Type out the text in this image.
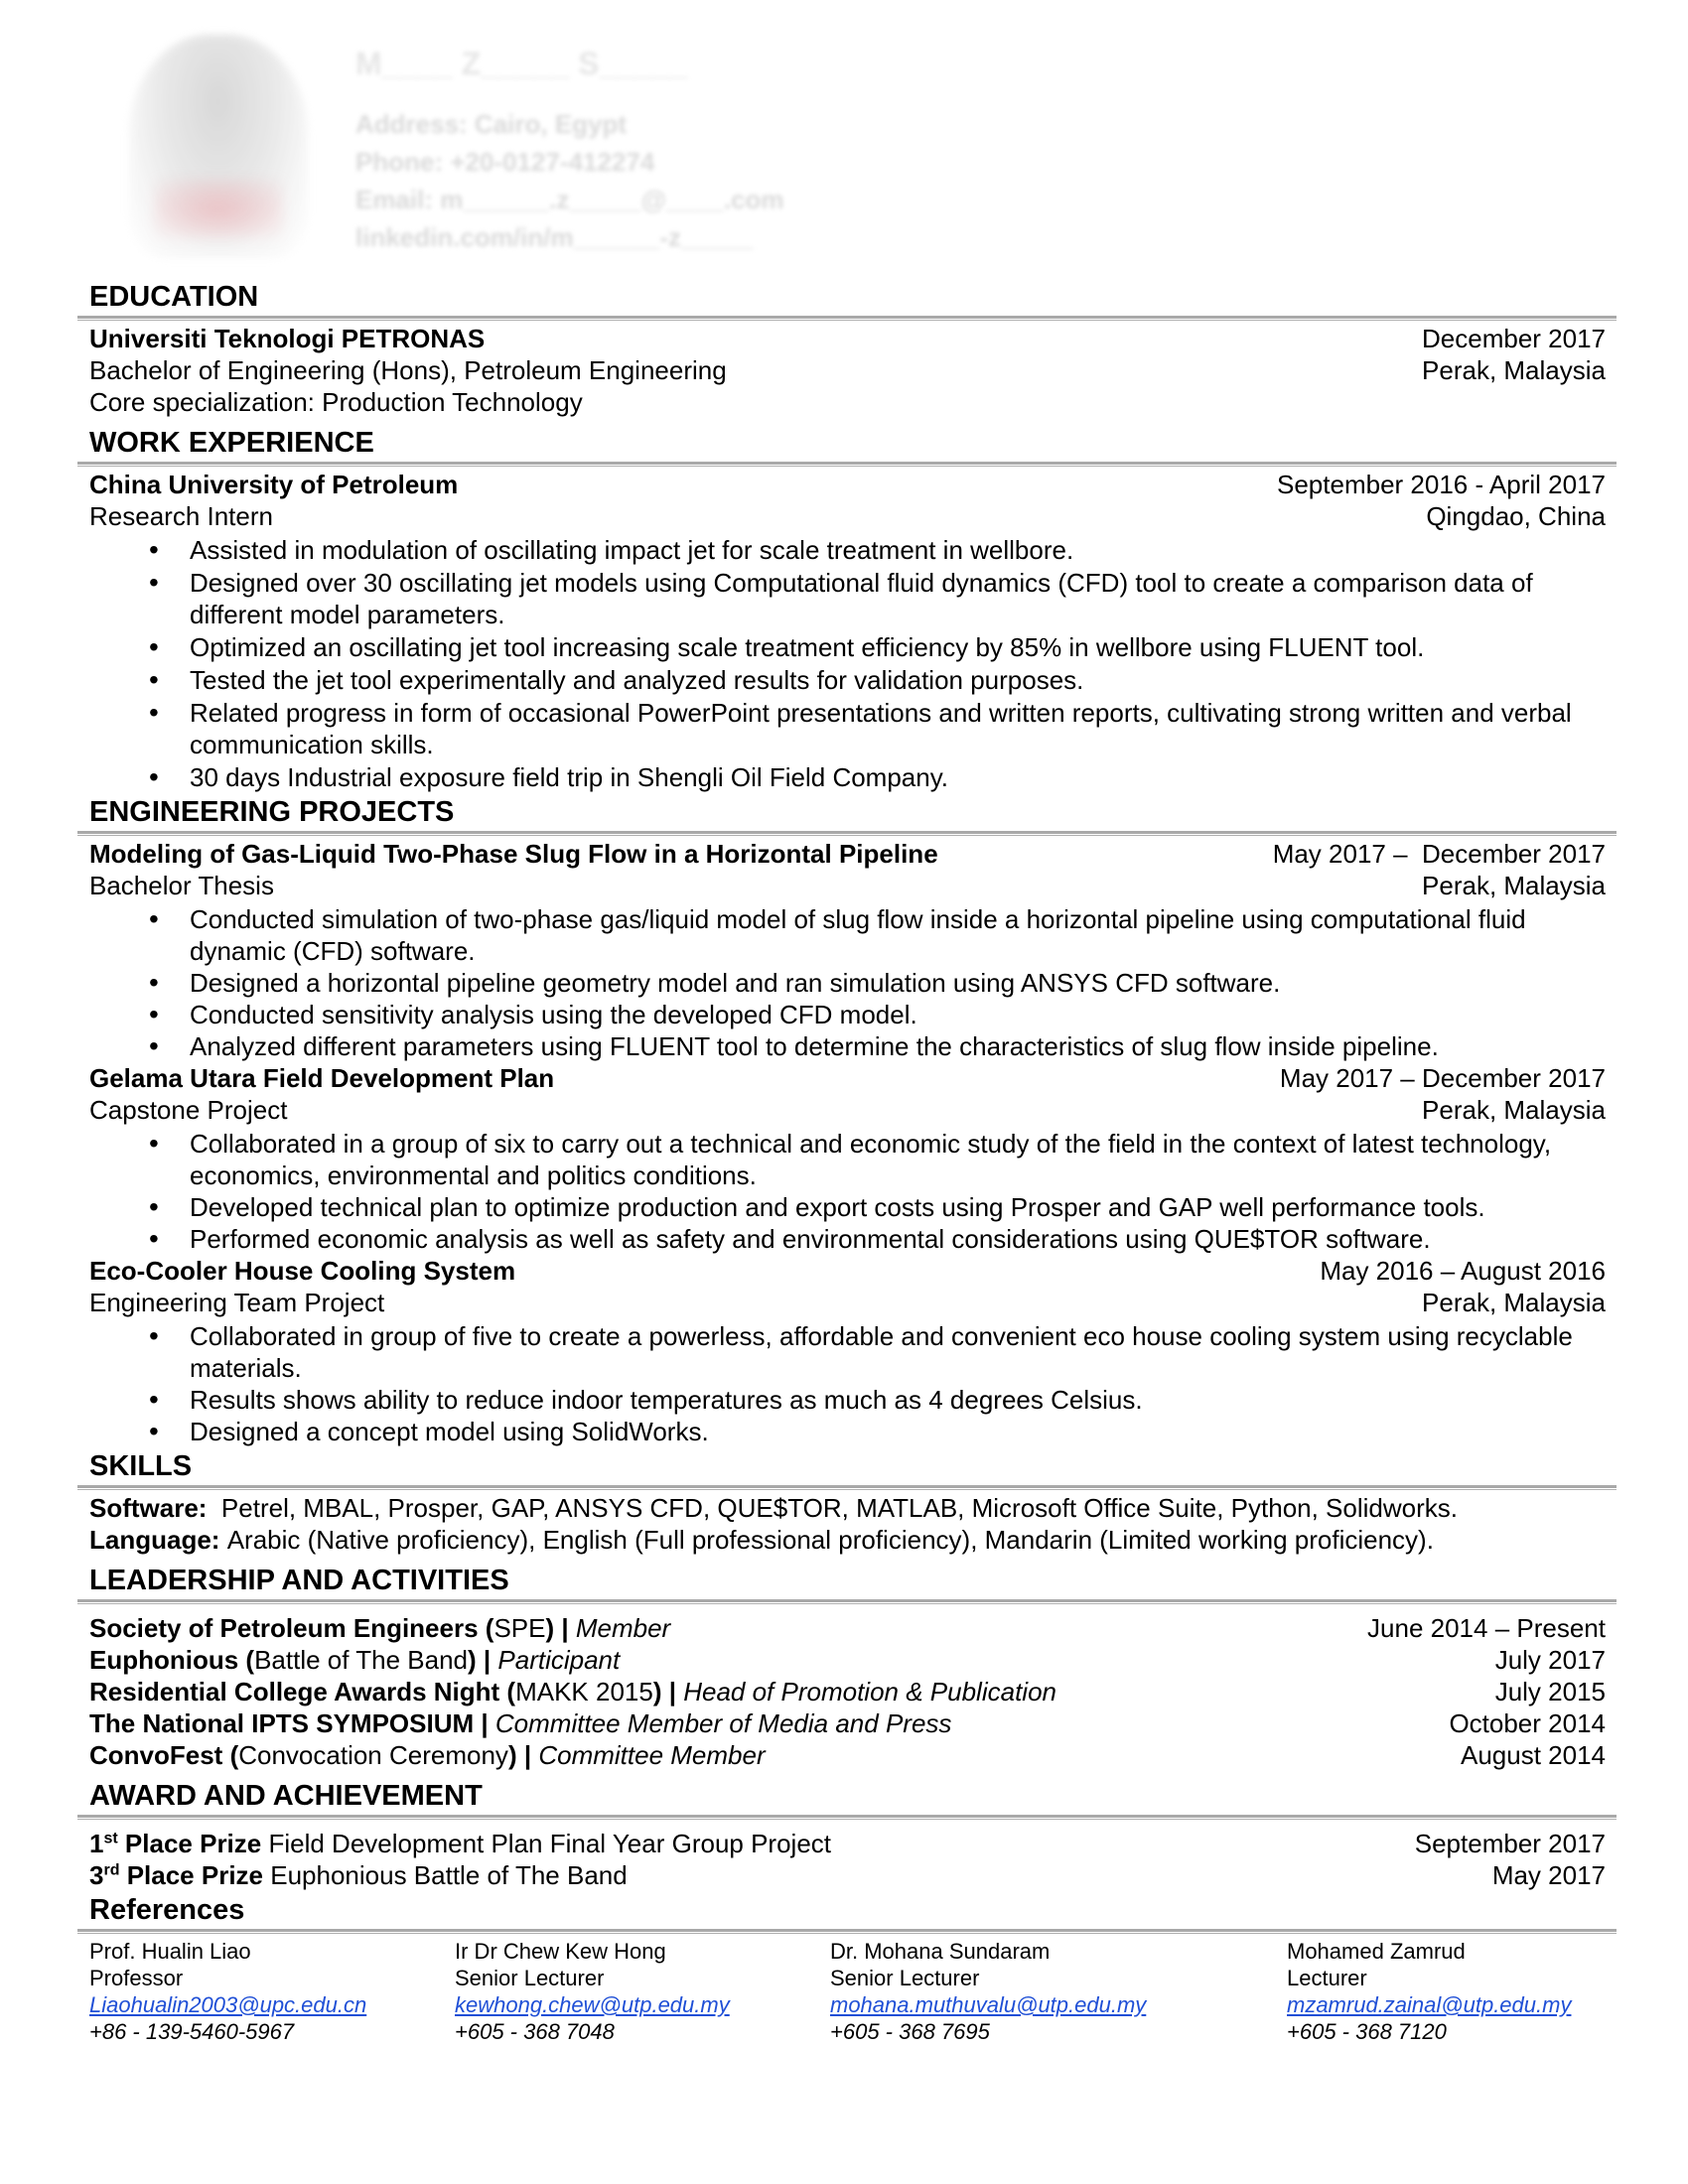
M____ Z_____ S_____
Address: Cairo, Egypt
Phone: +20-0127-412274
Email: m______.z_____@____.com
linkedin.com/in/m______-z_____
EDUCATION
Universiti Teknologi PETRONAS	December 2017
Bachelor of Engineering (Hons), Petroleum Engineering	Perak, Malaysia
Core specialization: Production Technology
WORK EXPERIENCE
China University of Petroleum	September 2016 - April 2017
Research Intern	Qingdao, China
• Assisted in modulation of oscillating impact jet for scale treatment in wellbore.
• Designed over 30 oscillating jet models using Computational fluid dynamics (CFD) tool to create a comparison data of different model parameters.
• Optimized an oscillating jet tool increasing scale treatment efficiency by 85% in wellbore using FLUENT tool.
• Tested the jet tool experimentally and analyzed results for validation purposes.
• Related progress in form of occasional PowerPoint presentations and written reports, cultivating strong written and verbal communication skills.
• 30 days Industrial exposure field trip in Shengli Oil Field Company.
ENGINEERING PROJECTS
Modeling of Gas-Liquid Two-Phase Slug Flow in a Horizontal Pipeline	May 2017 –  December 2017
Bachelor Thesis	Perak, Malaysia
• Conducted simulation of two-phase gas/liquid model of slug flow inside a horizontal pipeline using computational fluid dynamic (CFD) software.
• Designed a horizontal pipeline geometry model and ran simulation using ANSYS CFD software.
• Conducted sensitivity analysis using the developed CFD model.
• Analyzed different parameters using FLUENT tool to determine the characteristics of slug flow inside pipeline.
Gelama Utara Field Development Plan	May 2017 – December 2017
Capstone Project	Perak, Malaysia
• Collaborated in a group of six to carry out a technical and economic study of the field in the context of latest technology, economics, environmental and politics conditions.
• Developed technical plan to optimize production and export costs using Prosper and GAP well performance tools.
• Performed economic analysis as well as safety and environmental considerations using QUE$TOR software.
Eco-Cooler House Cooling System	May 2016 – August 2016
Engineering Team Project	Perak, Malaysia
• Collaborated in group of five to create a powerless, affordable and convenient eco house cooling system using recyclable materials.
• Results shows ability to reduce indoor temperatures as much as 4 degrees Celsius.
• Designed a concept model using SolidWorks.
SKILLS
Software: Petrel, MBAL, Prosper, GAP, ANSYS CFD, QUE$TOR, MATLAB, Microsoft Office Suite, Python, Solidworks.
Language: Arabic (Native proficiency), English (Full professional proficiency), Mandarin (Limited working proficiency).
LEADERSHIP AND ACTIVITIES
Society of Petroleum Engineers (SPE) | Member	June 2014 – Present
Euphonious (Battle of The Band) | Participant	July 2017
Residential College Awards Night (MAKK 2015) | Head of Promotion & Publication	July 2015
The National IPTS SYMPOSIUM | Committee Member of Media and Press	October 2014
ConvoFest (Convocation Ceremony) | Committee Member	August 2014
AWARD AND ACHIEVEMENT
1st Place Prize Field Development Plan Final Year Group Project	September 2017
3rd Place Prize Euphonious Battle of The Band	May 2017
References
Prof. Hualin Liao
Professor
Liaohualin2003@upc.edu.cn
+86 - 139-5460-5967
Ir Dr Chew Kew Hong
Senior Lecturer
kewhong.chew@utp.edu.my
+605 - 368 7048
Dr. Mohana Sundaram
Senior Lecturer
mohana.muthuvalu@utp.edu.my
+605 - 368 7695
Mohamed Zamrud
Lecturer
mzamrud.zainal@utp.edu.my
+605 - 368 7120
